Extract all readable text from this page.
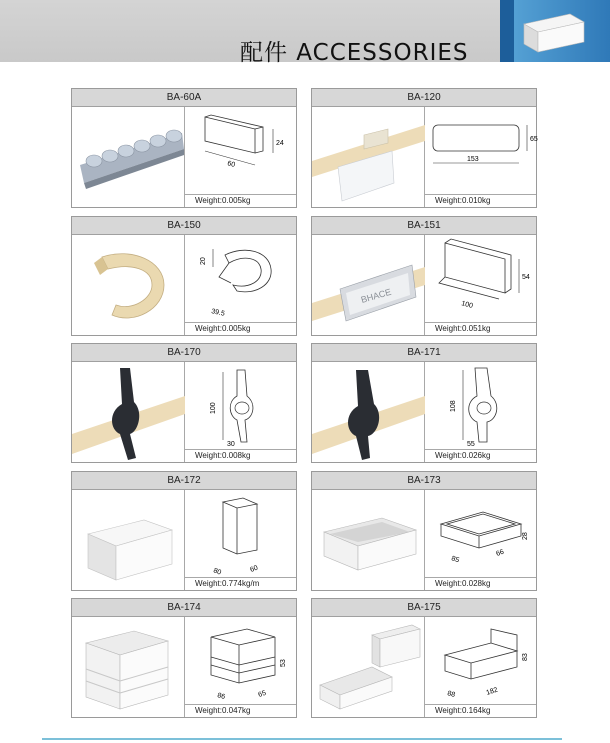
配件 ACCESSORIES
BA-60A
60
24
Weight:0.005kg
BA-120
153
65
Weight:0.010kg
BA-150
20
39.5
Weight:0.005kg
BA-151
BHACE
100
54
Weight:0.051kg
BA-170
100
30
Weight:0.008kg
BA-171
108
55
Weight:0.026kg
BA-172
80	60
Weight:0.774kg/m
BA-173
85
66
28
Weight:0.028kg
BA-174
86	65
53
Weight:0.047kg
BA-175
88	182
83
Weight:0.164kg
